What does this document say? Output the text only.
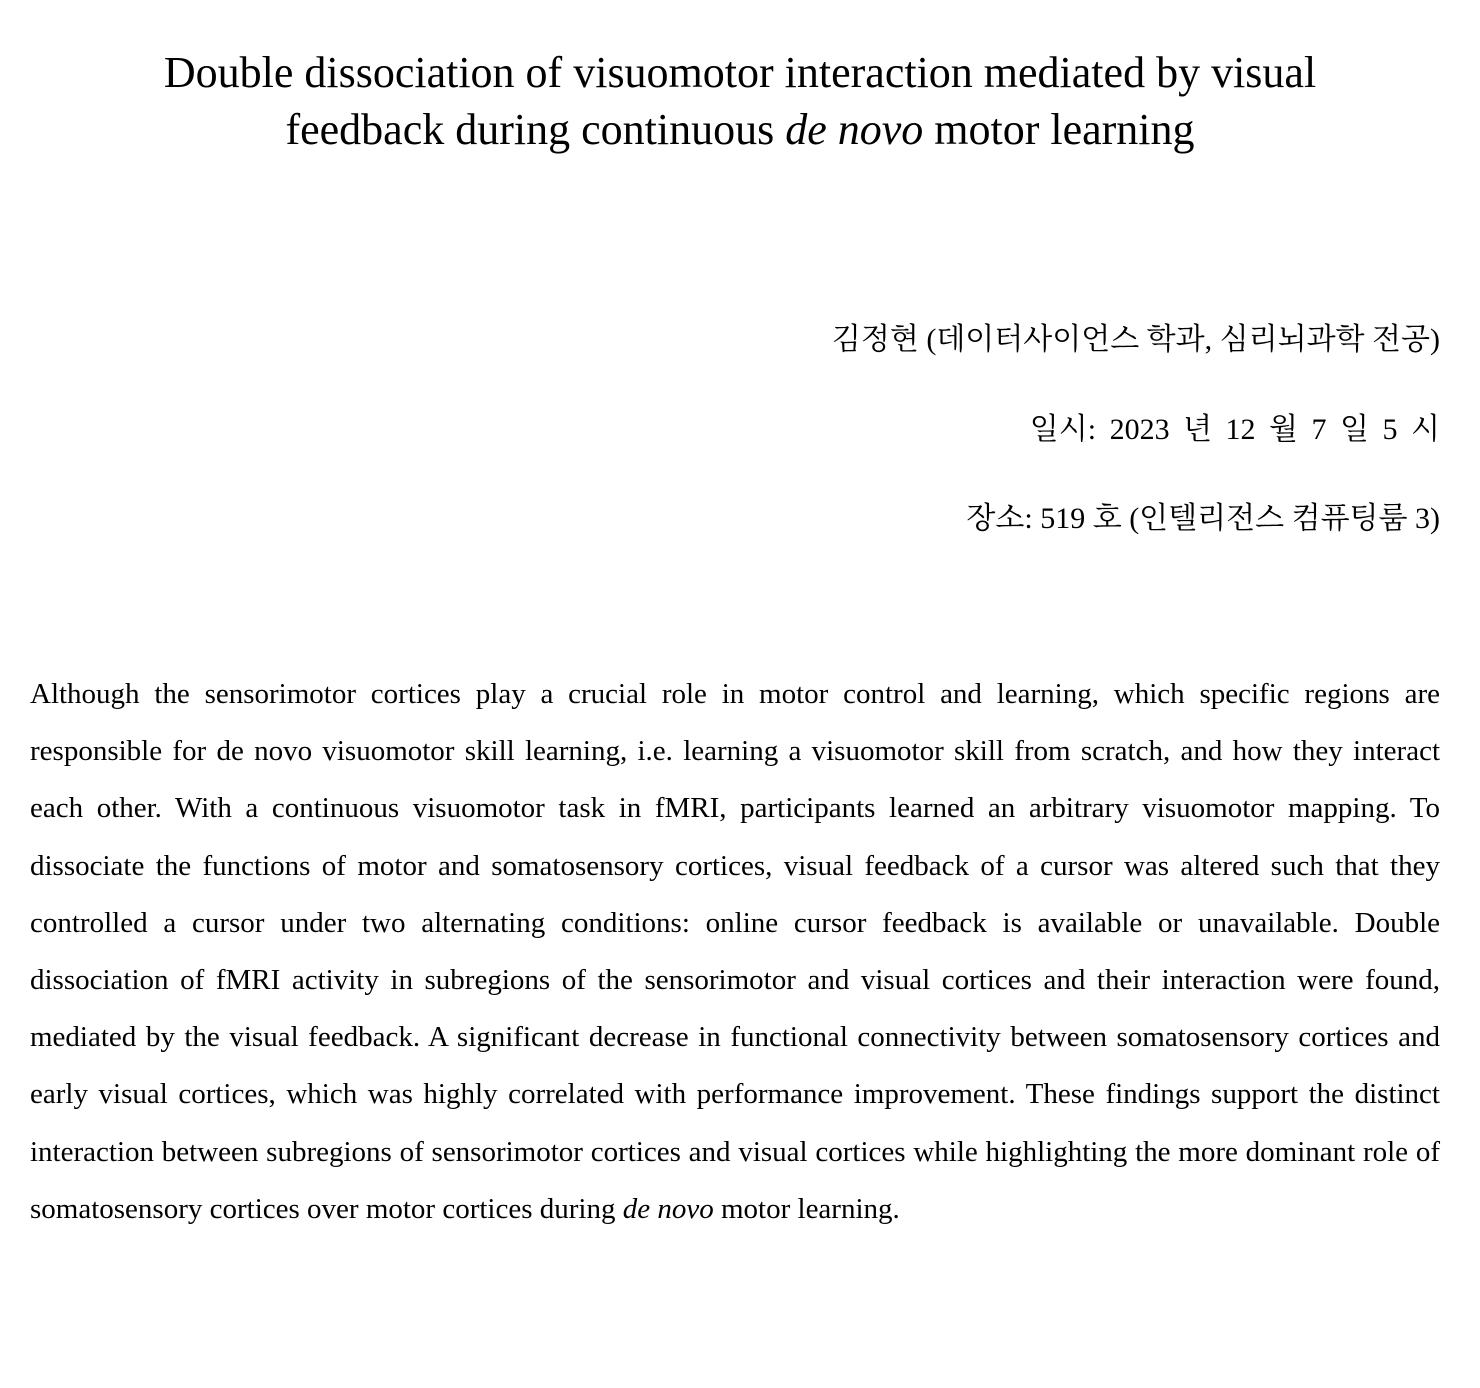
Double dissociation of visuomotor interaction mediated by visual
feedback during continuous de novo motor learning
김정현 (데이터사이언스 학과, 심리뇌과학 전공)
일시: 2023 년 12 월 7 일 5 시
장소: 519 호 (인텔리전스 컴퓨팅룸 3)

Although the sensorimotor cortices play a crucial role in motor control and learning, which specific regions are responsible for de novo visuomotor skill learning, i.e. learning a visuomotor skill from scratch, and how they interact each other. With a continuous visuomotor task in fMRI, participants learned an arbitrary visuomotor mapping. To dissociate the functions of motor and somatosensory cortices, visual feedback of a cursor was altered such that they controlled a cursor under two alternating conditions: online cursor feedback is available or unavailable. Double dissociation of fMRI activity in subregions of the sensorimotor and visual cortices and their interaction were found, mediated by the visual feedback. A significant decrease in functional connectivity between somatosensory cortices and early visual cortices, which was highly correlated with performance improvement. These findings support the distinct interaction between subregions of sensorimotor cortices and visual cortices while highlighting the more dominant role of somatosensory cortices over motor cortices during de novo motor learning.
